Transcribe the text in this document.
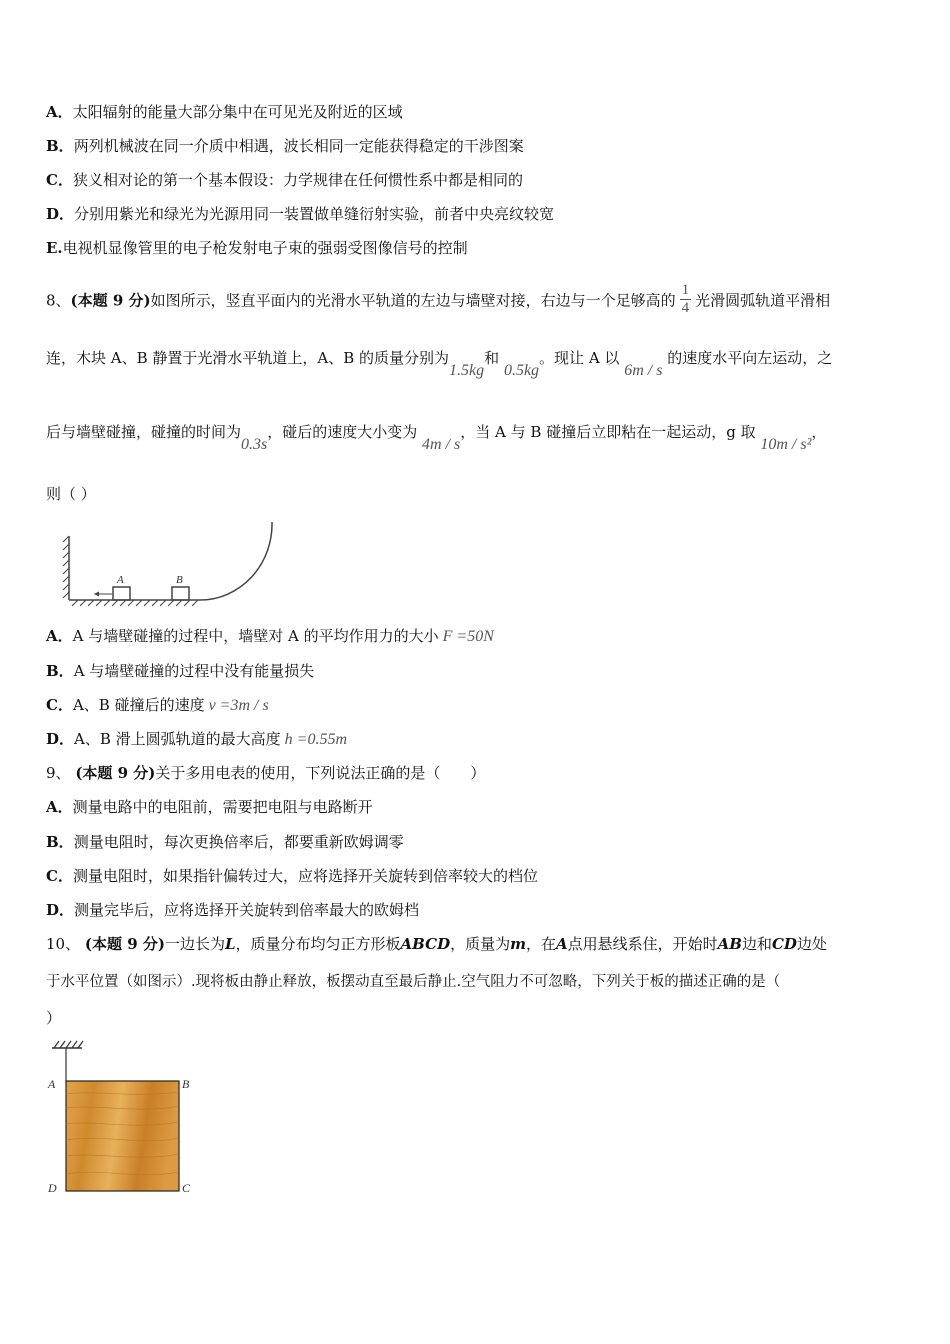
A．太阳辐射的能量大部分集中在可见光及附近的区域
B．两列机械波在同一介质中相遇，波长相同一定能获得稳定的干涉图案
C．狭义相对论的第一个基本假设：力学规律在任何惯性系中都是相同的
D．分别用紫光和绿光为光源用同一装置做单缝衍射实验，前者中央亮纹较宽
E.电视机显像管里的电子枪发射电子束的强弱受图像信号的控制
8、(本题 9 分)如图所示，竖直平面内的光滑水平轨道的左边与墙壁对接，右边与一个足够高的 $\frac{1}{4}$ 光滑圆弧轨道平滑相
连，木块 A、B 静置于光滑水平轨道上，A、B 的质量分别为1.5kg和 0.5kg。现让 A 以 6m / s 的速度水平向左运动，之
后与墙壁碰撞，碰撞的时间为0.3s，碰后的速度大小变为 4m / s，当 A 与 B 碰撞后立即粘在一起运动，g 取 10m / s²，
则（ ）
A	B
A．A 与墙壁碰撞的过程中，墙壁对 A 的平均作用力的大小 F =50N
B．A 与墙壁碰撞的过程中没有能量损失
C．A、B 碰撞后的速度 v =3m / s
D．A、B 滑上圆弧轨道的最大高度 h =0.55m
9、 (本题 9 分)关于多用电表的使用，下列说法正确的是（　　）
A．测量电路中的电阻前，需要把电阻与电路断开
B．测量电阻时，每次更换倍率后，都要重新欧姆调零
C．测量电阻时，如果指针偏转过大，应将选择开关旋转到倍率较大的档位
D．测量完毕后，应将选择开关旋转到倍率最大的欧姆档
10、 (本题 9 分)一边长为L，质量分布均匀正方形板ABCD，质量为m，在A点用悬线系住，开始时AB边和CD边处
于水平位置（如图示）.现将板由静止释放，板摆动直至最后静止.空气阻力不可忽略，下列关于板的描述正确的是（
）
A	B
C
D
